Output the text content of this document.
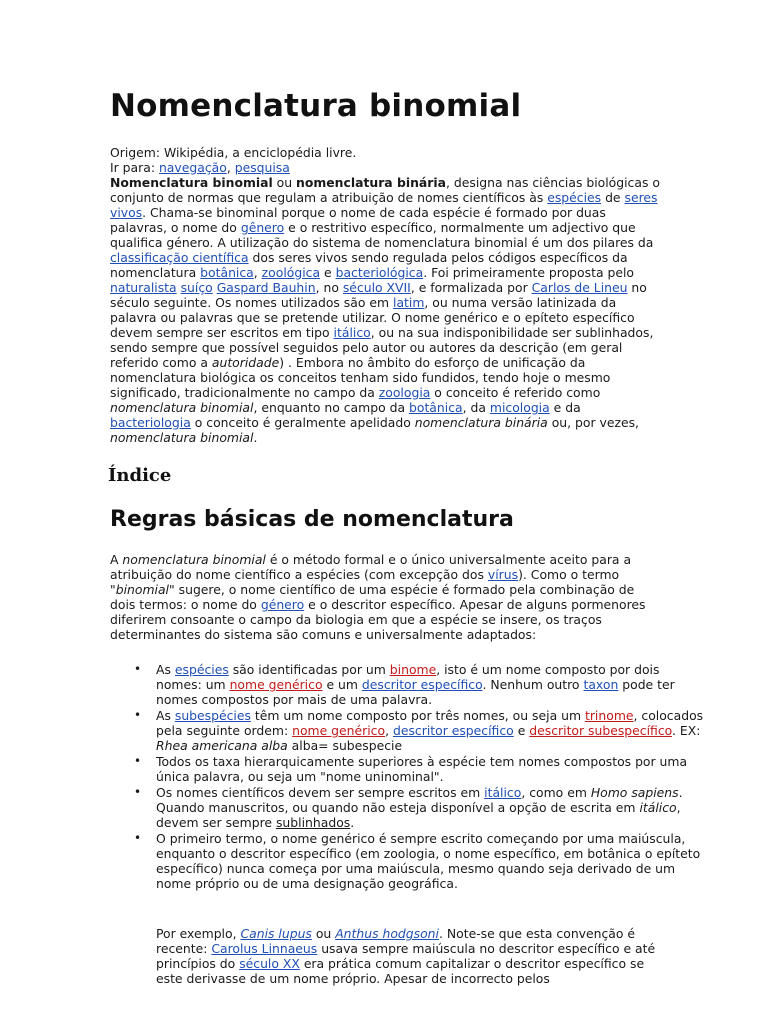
Nomenclatura binomial

Origem: Wikipédia, a enciclopédia livre.

Ir para: navegação, pesquisa

Nomenclatura binomial ou nomenclatura binária, designa nas ciências biológicas o conjunto de normas que regulam a atribuição de nomes científicos às espécies de seres vivos. Chama-se binominal porque o nome de cada espécie é formado por duas palavras, o nome do gênero e o restritivo específico, normalmente um adjectivo que qualifica género. A utilização do sistema de nomenclatura binomial é um dos pilares da classificação científica dos seres vivos sendo regulada pelos códigos específicos da nomenclatura botânica, zoológica e bacteriológica. Foi primeiramente proposta pelo naturalista suíço Gaspard Bauhin, no século XVII, e formalizada por Carlos de Lineu no século seguinte. Os nomes utilizados são em latim, ou numa versão latinizada da palavra ou palavras que se pretende utilizar. O nome genérico e o epíteto específico devem sempre ser escritos em tipo itálico, ou na sua indisponibilidade ser sublinhados, sendo sempre que possível seguidos pelo autor ou autores da descrição (em geral referido como a autoridade) . Embora no âmbito do esforço de unificação da nomenclatura biológica os conceitos tenham sido fundidos, tendo hoje o mesmo significado, tradicionalmente no campo da zoologia o conceito é referido como nomenclatura binomial, enquanto no campo da botânica, da micologia e da bacteriologia o conceito é geralmente apelidado nomenclatura binária ou, por vezes, nomenclatura binomial.

Índice
Regras básicas de nomenclatura

A nomenclatura binomial é o método formal e o único universalmente aceito para a atribuição do nome científico a espécies (com excepção dos vírus). Como o termo "binomial" sugere, o nome científico de uma espécie é formado pela combinação de dois termos: o nome do género e o descritor específico. Apesar de alguns pormenores diferirem consoante o campo da biologia em que a espécie se insere, os traços determinantes do sistema são comuns e universalmente adaptados:

• As espécies são identificadas por um binome, isto é um nome composto por dois nomes: um nome genérico e um descritor específico. Nenhum outro taxon pode ter nomes compostos por mais de uma palavra.
• As subespécies têm um nome composto por três nomes, ou seja um trinome, colocados pela seguinte ordem: nome genérico, descritor específico e descritor subespecífico. EX: Rhea americana alba alba= subespecie
• Todos os taxa hierarquicamente superiores à espécie tem nomes compostos por uma única palavra, ou seja um "nome uninominal".
• Os nomes científicos devem ser sempre escritos em itálico, como em Homo sapiens. Quando manuscritos, ou quando não esteja disponível a opção de escrita em itálico, devem ser sempre sublinhados.
• O primeiro termo, o nome genérico é sempre escrito começando por uma maiúscula, enquanto o descritor específico (em zoologia, o nome específico, em botânica o epíteto específico) nunca começa por uma maiúscula, mesmo quando seja derivado de um nome próprio ou de uma designação geográfica.

Por exemplo, Canis lupus ou Anthus hodgsoni. Note-se que esta convenção é recente: Carolus Linnaeus usava sempre maiúscula no descritor específico e até princípios do século XX era prática comum capitalizar o descritor específico se este derivasse de um nome próprio. Apesar de incorrecto pelos
